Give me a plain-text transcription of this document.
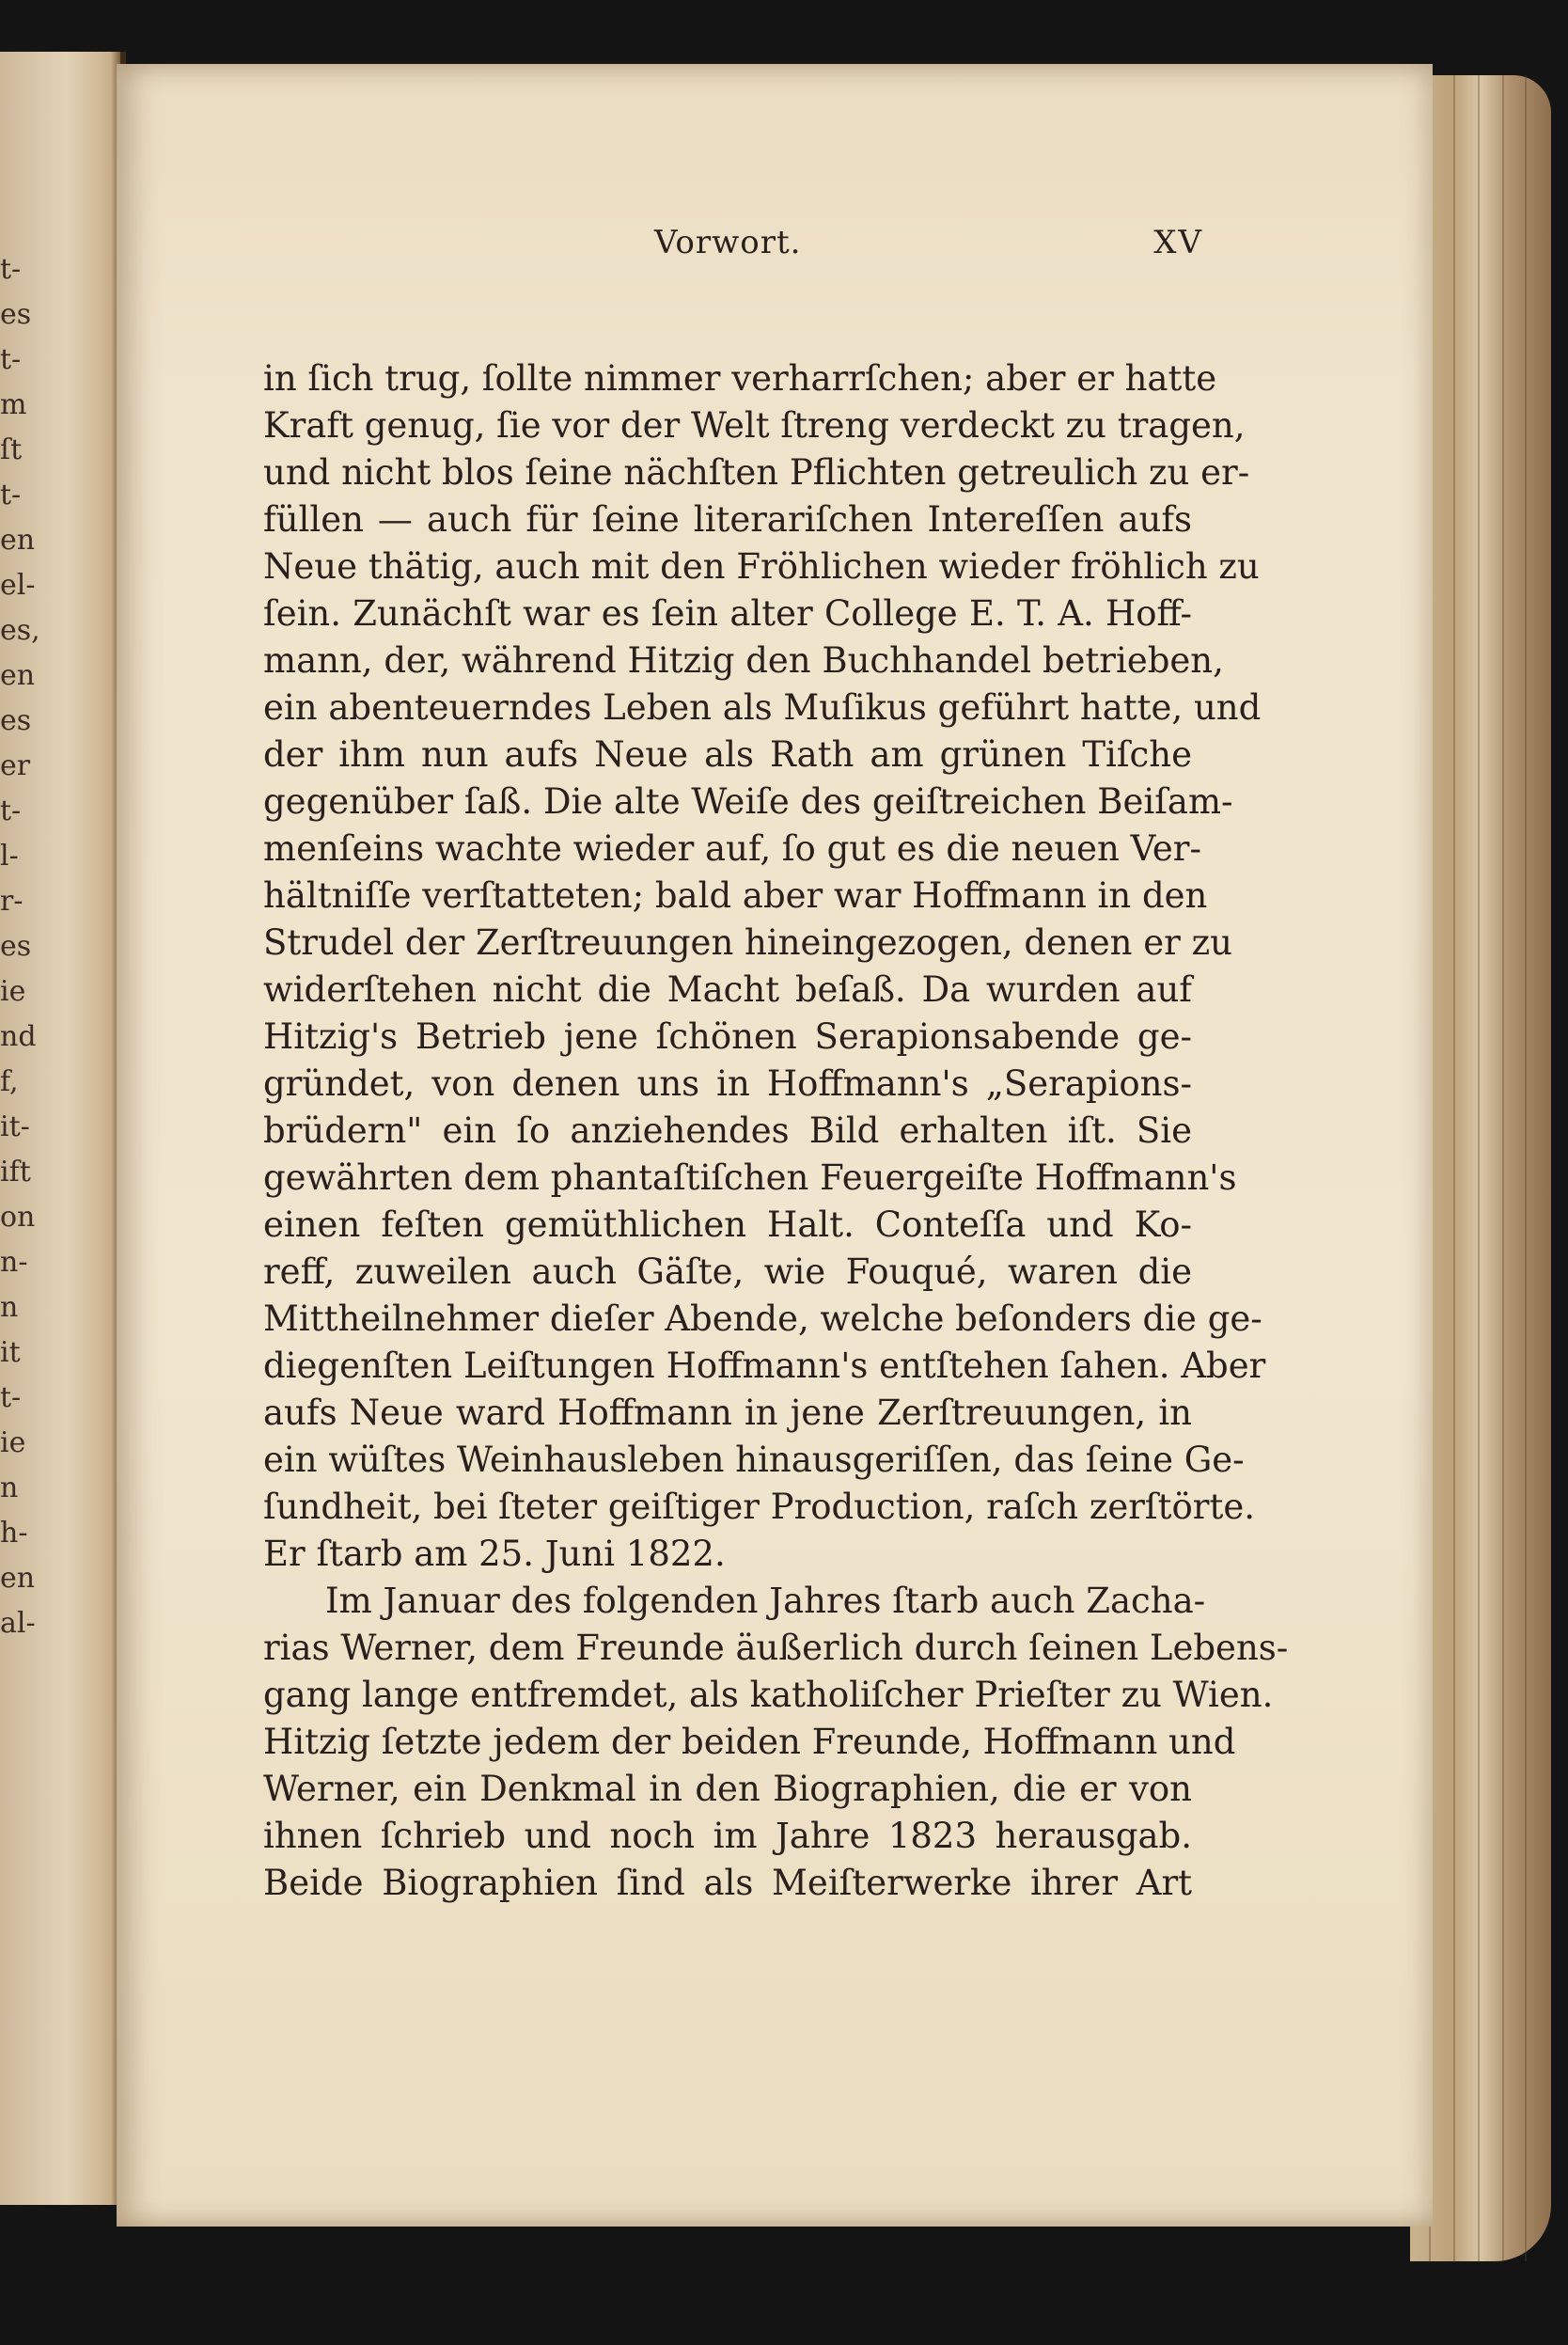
t-
es
t-
m
ſt
t-
en
el-
es,
en
es
er
t-
l-
r-
es
ie
nd
f,
it-
ift
on
n-
n
it
t-
ie
n
h-
en
al-
Vorwort.	XV
in ſich trug, ſollte nimmer verharrſchen; aber er hatte
Kraft genug, ſie vor der Welt ſtreng verdeckt zu tragen,
und nicht blos ſeine nächſten Pflichten getreulich zu er-
füllen — auch für ſeine literariſchen Intereſſen aufs
Neue thätig, auch mit den Fröhlichen wieder fröhlich zu
ſein. Zunächſt war es ſein alter College E. T. A. Hoff-
mann, der, während Hitzig den Buchhandel betrieben,
ein abenteuerndes Leben als Muſikus geführt hatte, und
der ihm nun aufs Neue als Rath am grünen Tiſche
gegenüber ſaß. Die alte Weiſe des geiſtreichen Beiſam-
menſeins wachte wieder auf, ſo gut es die neuen Ver-
hältniſſe verſtatteten; bald aber war Hoffmann in den
Strudel der Zerſtreuungen hineingezogen, denen er zu
widerſtehen nicht die Macht beſaß. Da wurden auf
Hitzig's Betrieb jene ſchönen Serapionsabende ge-
gründet, von denen uns in Hoffmann's „Serapions-
brüdern" ein ſo anziehendes Bild erhalten iſt. Sie
gewährten dem phantaſtiſchen Feuergeiſte Hoffmann's
einen feſten gemüthlichen Halt. Conteſſa und Ko-
reff, zuweilen auch Gäſte, wie Fouqué, waren die
Mittheilnehmer dieſer Abende, welche beſonders die ge-
diegenſten Leiſtungen Hoffmann's entſtehen ſahen. Aber
aufs Neue ward Hoffmann in jene Zerſtreuungen, in
ein wüſtes Weinhausleben hinausgeriſſen, das ſeine Ge-
ſundheit, bei ſteter geiſtiger Production, raſch zerſtörte.
Er ſtarb am 25. Juni 1822.
Im Januar des folgenden Jahres ſtarb auch Zacha-
rias Werner, dem Freunde äußerlich durch ſeinen Lebens-
gang lange entfremdet, als katholiſcher Prieſter zu Wien.
Hitzig ſetzte jedem der beiden Freunde, Hoffmann und
Werner, ein Denkmal in den Biographien, die er von
ihnen ſchrieb und noch im Jahre 1823 herausgab.
Beide Biographien ſind als Meiſterwerke ihrer Art
